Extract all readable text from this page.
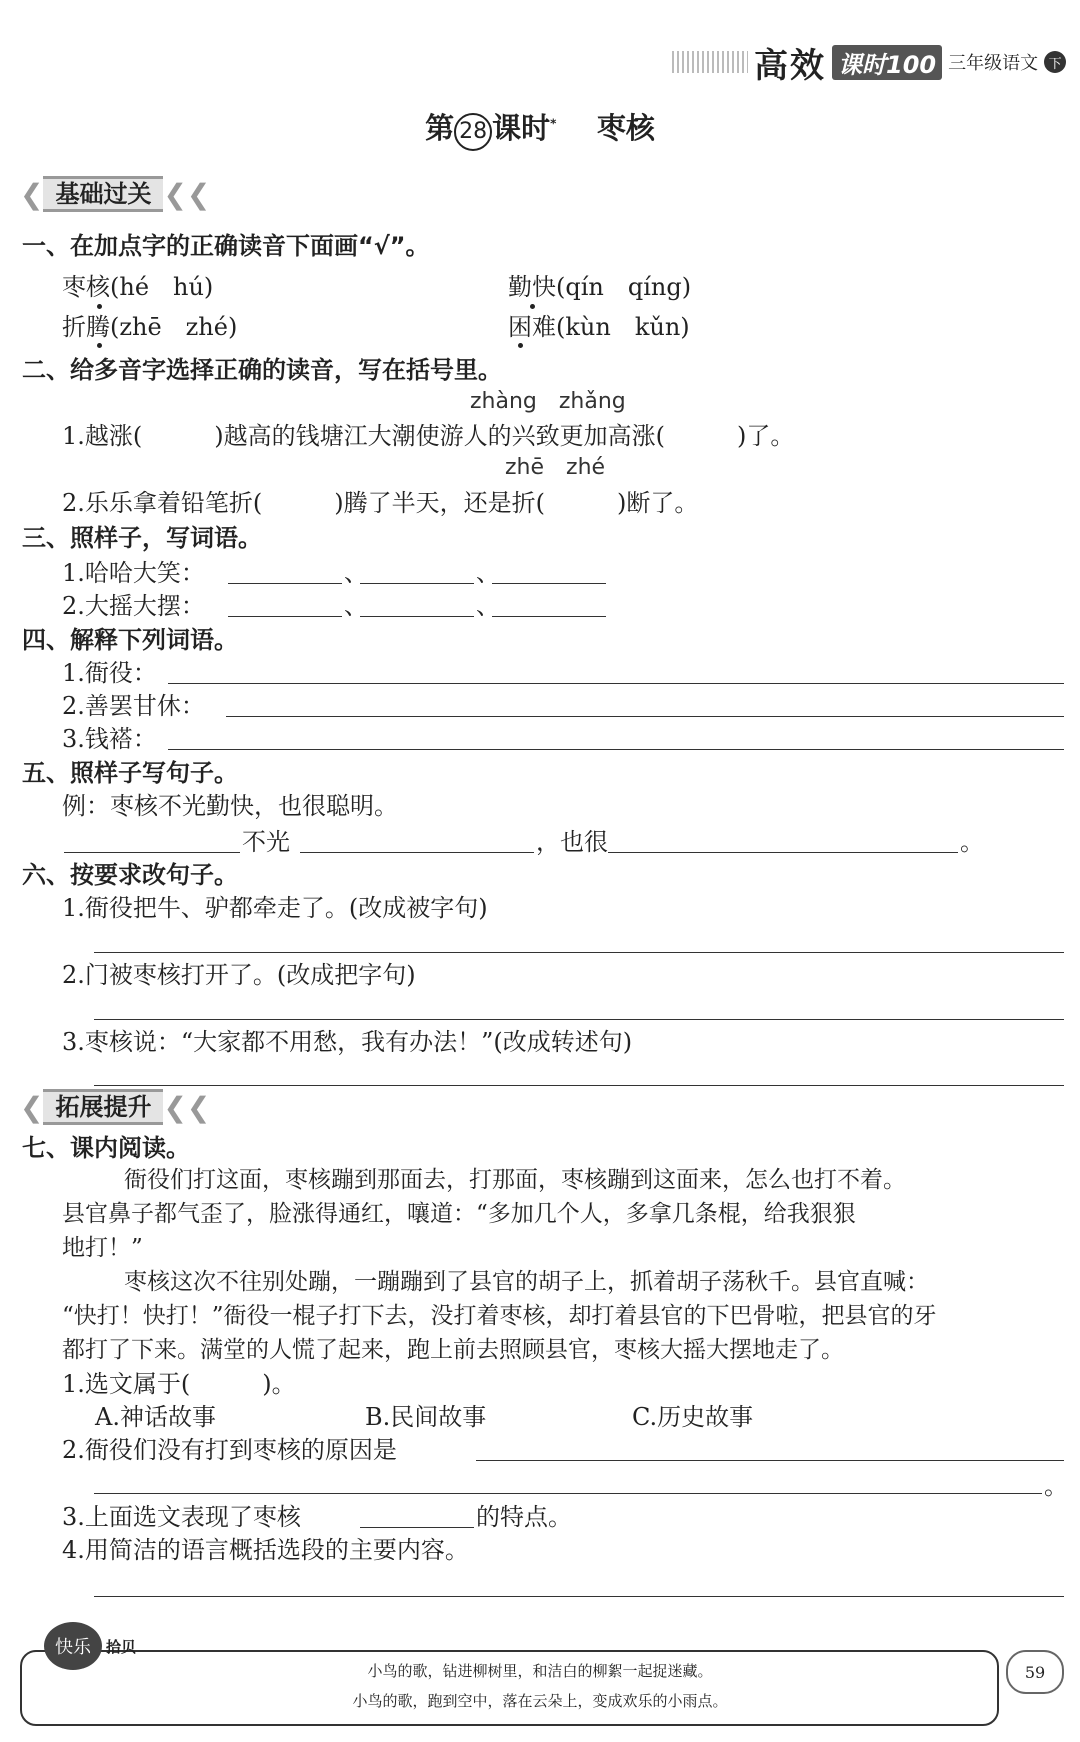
高效 课时100 三年级语文 下
第 28 课时* 枣核
❮ 基础过关 ❮❮
一、在加点字的正确读音下面画“√”。
枣核(hé　hú)	勤快(qín　qíng)
折腾(zhē　zhé)	困难(kùn　kǔn)
二、给多音字选择正确的读音，写在括号里。
zhàng　zhǎng
1.越涨(　　　)越高的钱塘江大潮使游人的兴致更加高涨(　　　)了。
zhē　zhé
2.乐乐拿着铅笔折(　　　)腾了半天，还是折(　　　)断了。
三、照样子，写词语。
1.哈哈大笑：	、	、
2.大摇大摆：	、	、
四、解释下列词语。
1.衙役：
2.善罢甘休：
3.钱褡：
五、照样子写句子。
例：枣核不光勤快，也很聪明。
不光	，也很	。
六、按要求改句子。
1.衙役把牛、驴都牵走了。(改成被字句)
2.门被枣核打开了。(改成把字句)
3.枣核说：“大家都不用愁，我有办法！”(改成转述句)
❮ 拓展提升 ❮❮
七、课内阅读。
衙役们打这面，枣核蹦到那面去，打那面，枣核蹦到这面来，怎么也打不着。
县官鼻子都气歪了，脸涨得通红，嚷道：“多加几个人，多拿几条棍，给我狠狠
地打！”
枣核这次不往别处蹦，一蹦蹦到了县官的胡子上，抓着胡子荡秋千。县官直喊：
“快打！快打！”衙役一棍子打下去，没打着枣核，却打着县官的下巴骨啦，把县官的牙
都打了下来。满堂的人慌了起来，跑上前去照顾县官，枣核大摇大摆地走了。
1.选文属于(　　　)。
A.神话故事	B.民间故事	C.历史故事
2.衙役们没有打到枣核的原因是
。
3.上面选文表现了枣核	的特点。
4.用简洁的语言概括选段的主要内容。
快乐	拾贝
小鸟的歌，钻进柳树里，和洁白的柳絮一起捉迷藏。
小鸟的歌，跑到空中，落在云朵上，变成欢乐的小雨点。
59
